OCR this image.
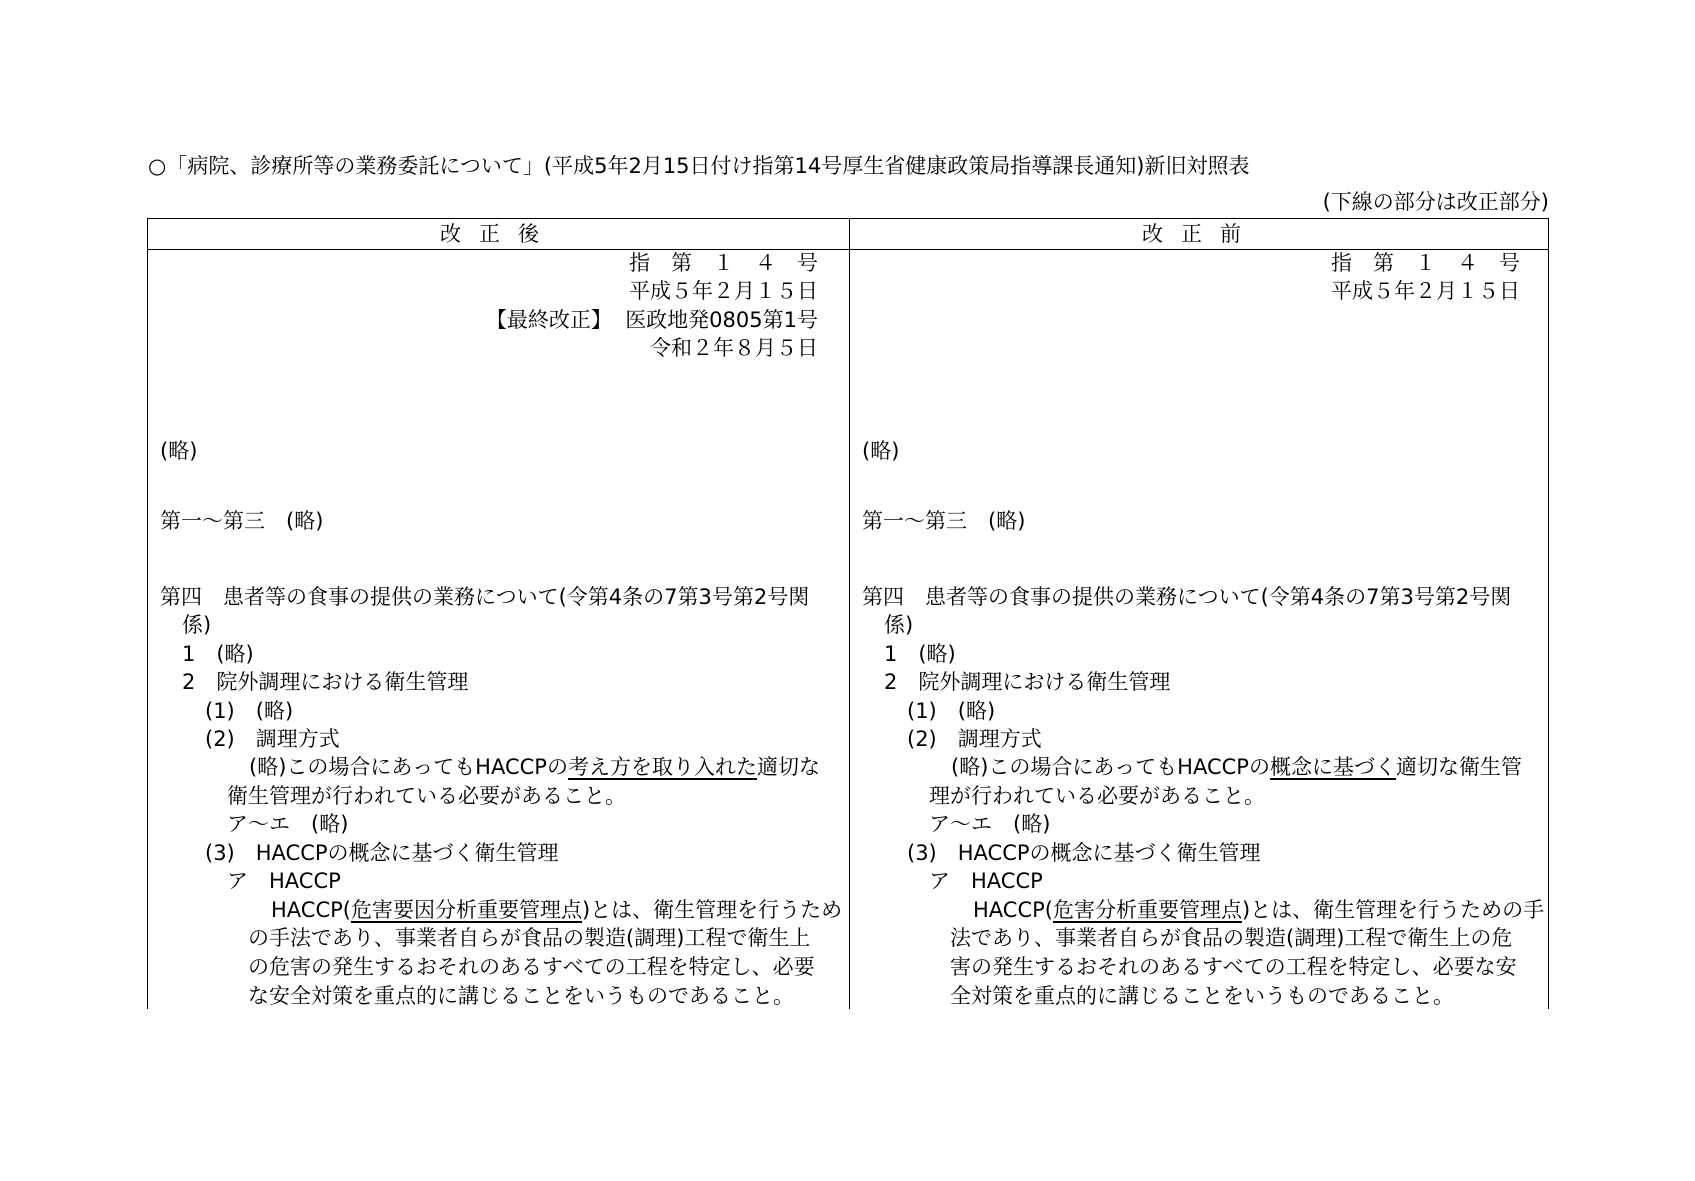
○「病院、診療所等の業務委託について」(平成5年2月15日付け指第14号厚生省健康政策局指導課長通知)新旧対照表
(下線の部分は改正部分)
改正後	改正前
指　第　１　４　号
平成５年２月１５日
【最終改正】  医政地発0805第1号
令和２年８月５日
(略)
第一～第三　(略)
第四　患者等の食事の提供の業務について(令第4条の7第3号第2号関
係)
1　(略)
2　院外調理における衛生管理
(1)　(略)
(2)　調理方式
(略)この場合にあってもHACCPの考え方を取り入れた適切な
衛生管理が行われている必要があること。
ア～エ　(略)
(3)　HACCPの概念に基づく衛生管理
ア　HACCP
HACCP(危害要因分析重要管理点)とは、衛生管理を行うため
の手法であり、事業者自らが食品の製造(調理)工程で衛生上
の危害の発生するおそれのあるすべての工程を特定し、必要
な安全対策を重点的に講じることをいうものであること。
指　第　１　４　号
平成５年２月１５日
(略)
第一～第三　(略)
第四　患者等の食事の提供の業務について(令第4条の7第3号第2号関
係)
1　(略)
2　院外調理における衛生管理
(1)　(略)
(2)　調理方式
(略)この場合にあってもHACCPの概念に基づく適切な衛生管
理が行われている必要があること。
ア～エ　(略)
(3)　HACCPの概念に基づく衛生管理
ア　HACCP
HACCP(危害分析重要管理点)とは、衛生管理を行うための手
法であり、事業者自らが食品の製造(調理)工程で衛生上の危
害の発生するおそれのあるすべての工程を特定し、必要な安
全対策を重点的に講じることをいうものであること。
